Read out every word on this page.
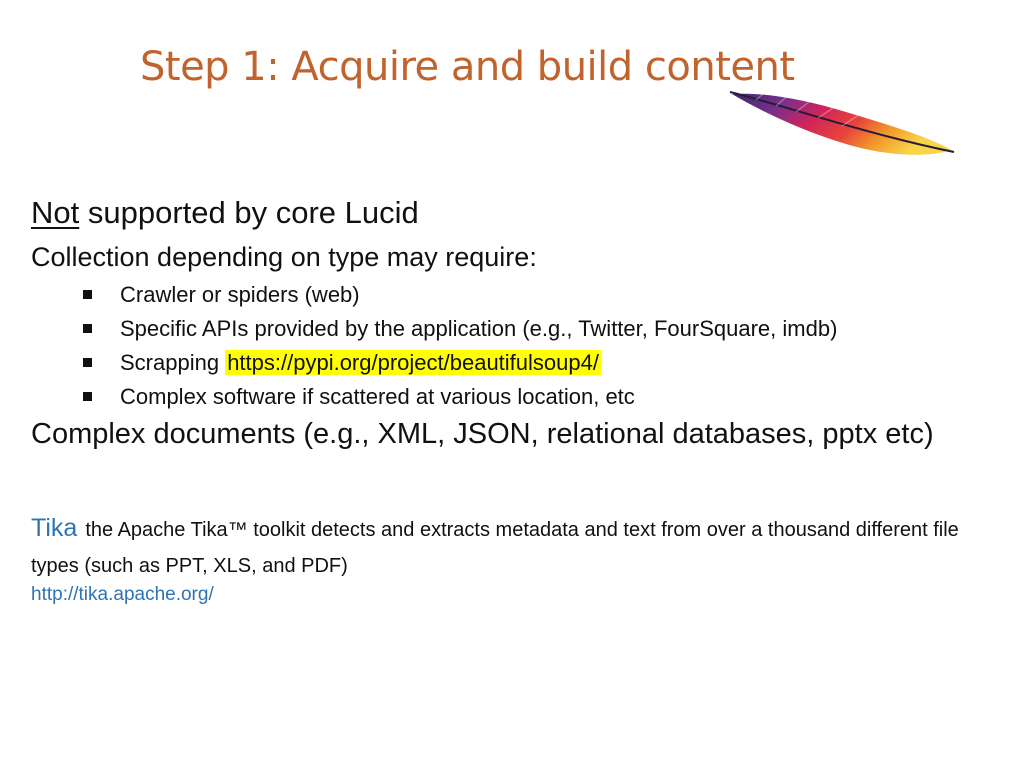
Step 1: Acquire and build content
Not supported by core Lucid
Collection depending on type may require:
Crawler or spiders (web)
Specific APIs provided by the application (e.g., Twitter, FourSquare, imdb)
Scrapping https://pypi.org/project/beautifulsoup4/
Complex software if scattered at various location, etc
Complex documents (e.g., XML, JSON, relational databases, pptx etc)
Tika the Apache Tika™ toolkit detects and extracts metadata and text from over a thousand different file types (such as PPT, XLS, and PDF)
http://tika.apache.org/
